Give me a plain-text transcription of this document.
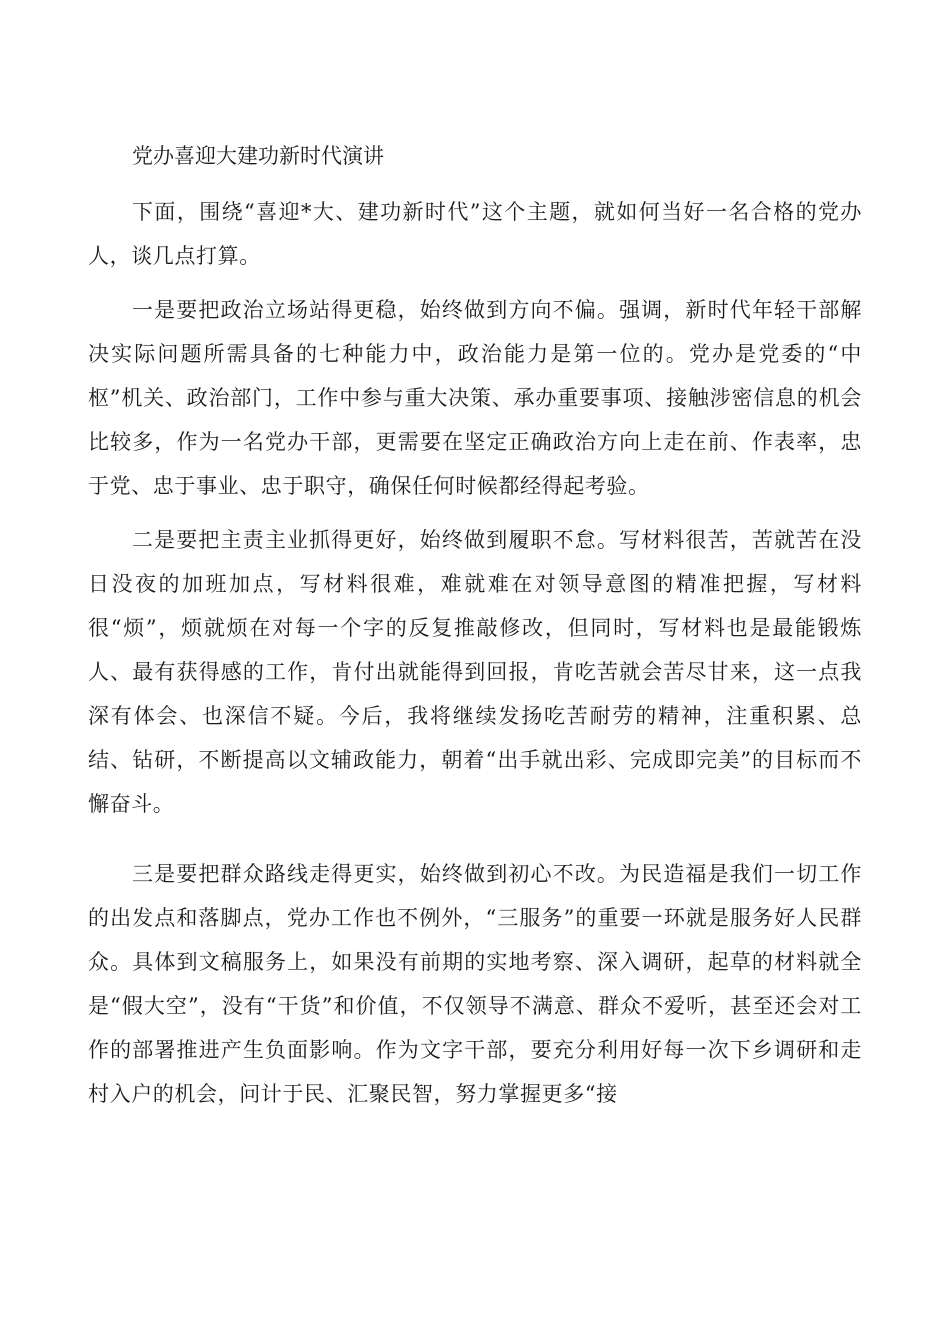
党办喜迎大建功新时代演讲

下面，围绕“喜迎*大、建功新时代”这个主题，就如何当好一名合格的党办人，谈几点打算。

一是要把政治立场站得更稳，始终做到方向不偏。强调，新时代年轻干部解决实际问题所需具备的七种能力中，政治能力是第一位的。党办是党委的“中枢”机关、政治部门，工作中参与重大决策、承办重要事项、接触涉密信息的机会比较多，作为一名党办干部，更需要在坚定正确政治方向上走在前、作表率，忠于党、忠于事业、忠于职守，确保任何时候都经得起考验。

二是要把主责主业抓得更好，始终做到履职不怠。写材料很苦，苦就苦在没日没夜的加班加点，写材料很难，难就难在对领导意图的精准把握，写材料很“烦”，烦就烦在对每一个字的反复推敲修改，但同时，写材料也是最能锻炼人、最有获得感的工作，肯付出就能得到回报，肯吃苦就会苦尽甘来，这一点我深有体会、也深信不疑。今后，我将继续发扬吃苦耐劳的精神，注重积累、总结、钻研，不断提高以文辅政能力，朝着“出手就出彩、完成即完美”的目标而不懈奋斗。

三是要把群众路线走得更实，始终做到初心不改。为民造福是我们一切工作的出发点和落脚点，党办工作也不例外，“三服务”的重要一环就是服务好人民群众。具体到文稿服务上，如果没有前期的实地考察、深入调研，起草的材料就全是“假大空”，没有“干货”和价值，不仅领导不满意、群众不爱听，甚至还会对工作的部署推进产生负面影响。作为文字干部，要充分利用好每一次下乡调研和走村入户的机会，问计于民、汇聚民智，努力掌握更多“接
